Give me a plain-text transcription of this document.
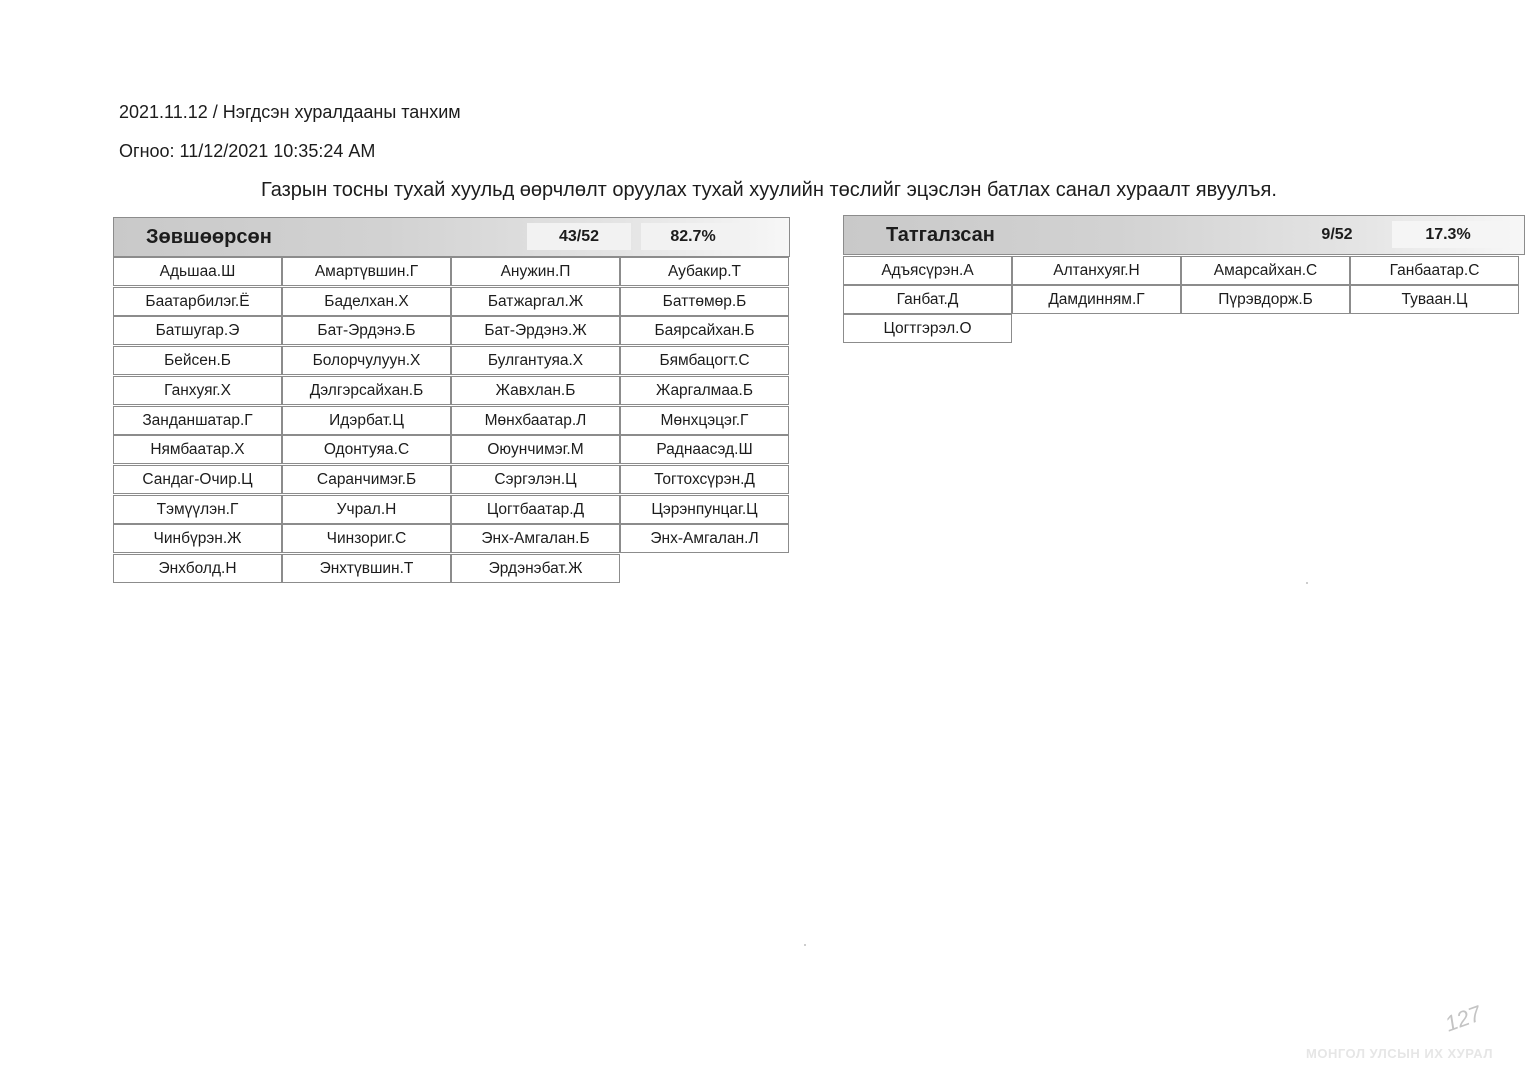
2021.11.12 / Нэгдсэн хуралдааны танхим
Огноо: 11/12/2021 10:35:24 AM
Газрын тосны тухай хуульд өөрчлөлт оруулах тухай хуулийн төслийг эцэслэн батлах санал хураалт явуулъя.
Зөвшөөрсөн	43/52	82.7%
Адьшаа.Ш	Амартүвшин.Г	Анужин.П	Аубакир.Т
Баатарбилэг.Ё	Баделхан.Х	Батжаргал.Ж	Баттөмөр.Б
Батшугар.Э	Бат-Эрдэнэ.Б	Бат-Эрдэнэ.Ж	Баярсайхан.Б
Бейсен.Б	Болорчулуун.Х	Булгантуяа.Х	Бямбацогт.С
Ганхуяг.Х	Дэлгэрсайхан.Б	Жавхлан.Б	Жаргалмаа.Б
Занданшатар.Г	Идэрбат.Ц	Мөнхбаатар.Л	Мөнхцэцэг.Г
Нямбаатар.Х	Одонтуяа.С	Оюунчимэг.М	Раднаасэд.Ш
Сандаг-Очир.Ц	Саранчимэг.Б	Сэргэлэн.Ц	Тогтохсүрэн.Д
Тэмүүлэн.Г	Учрал.Н	Цогтбаатар.Д	Цэрэнпунцаг.Ц
Чинбүрэн.Ж	Чинзориг.С	Энх-Амгалан.Б	Энх-Амгалан.Л
Энхболд.Н	Энхтүвшин.Т	Эрдэнэбат.Ж
Татгалзсан	9/52	17.3%
Адъясүрэн.А	Алтанхуяг.Н	Амарсайхан.С	Ганбаатар.С
Ганбат.Д	Дамдинням.Г	Пүрэвдорж.Б	Туваан.Ц
Цогтгэрэл.О
127
МОНГОЛ УЛСЫН ИХ ХУРАЛ
